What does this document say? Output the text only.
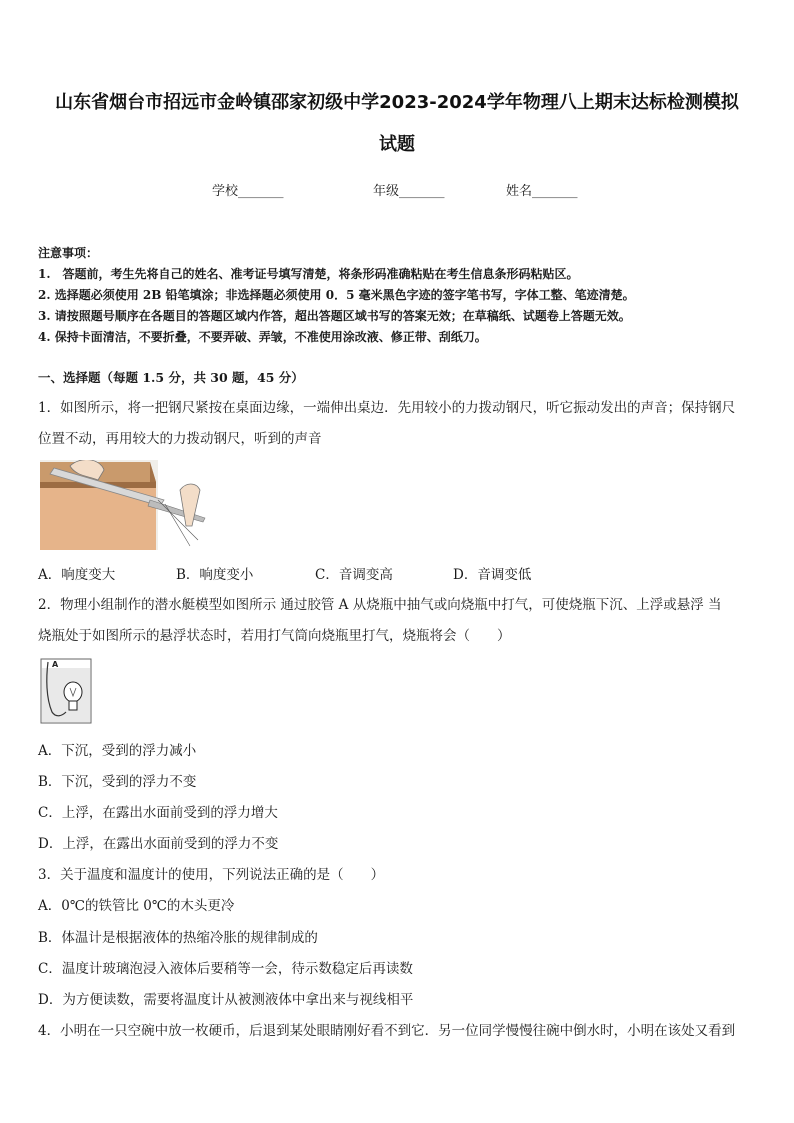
山东省烟台市招远市金岭镇邵家初级中学2023-2024学年物理八上期末达标检测模拟
试题
学校_______	年级_______	姓名_______
注意事项：
1.　答题前，考生先将自己的姓名、准考证号填写清楚，将条形码准确粘贴在考生信息条形码粘贴区。
2. 选择题必须使用 2B 铅笔填涂；非选择题必须使用 0．5 毫米黑色字迹的签字笔书写，字体工整、笔迹清楚。
3. 请按照题号顺序在各题目的答题区域内作答，超出答题区域书写的答案无效；在草稿纸、试题卷上答题无效。
4. 保持卡面清洁，不要折叠，不要弄破、弄皱，不准使用涂改液、修正带、刮纸刀。
一、选择题（每题 1.5 分，共 30 题，45 分）
1．如图所示，将一把钢尺紧按在桌面边缘，一端伸出桌边．先用较小的力拨动钢尺，听它振动发出的声音；保持钢尺
位置不动，再用较大的力拨动钢尺，听到的声音
A．响度变大	B．响度变小	C．音调变高	D．音调变低
2．物理小组制作的潜水艇模型如图所示 通过胶管 A 从烧瓶中抽气或向烧瓶中打气，可使烧瓶下沉、上浮或悬浮 当
烧瓶处于如图所示的悬浮状态时，若用打气筒向烧瓶里打气，烧瓶将会（　　）
A
A．下沉，受到的浮力减小
B．下沉，受到的浮力不变
C．上浮，在露出水面前受到的浮力增大
D．上浮，在露出水面前受到的浮力不变
3．关于温度和温度计的使用，下列说法正确的是（　　）
A．0℃的铁管比 0℃的木头更冷
B．体温计是根据液体的热缩冷胀的规律制成的
C．温度计玻璃泡浸入液体后要稍等一会，待示数稳定后再读数
D．为方便读数，需要将温度计从被测液体中拿出来与视线相平
4．小明在一只空碗中放一枚硬币，后退到某处眼睛刚好看不到它．另一位同学慢慢往碗中倒水时，小明在该处又看到
